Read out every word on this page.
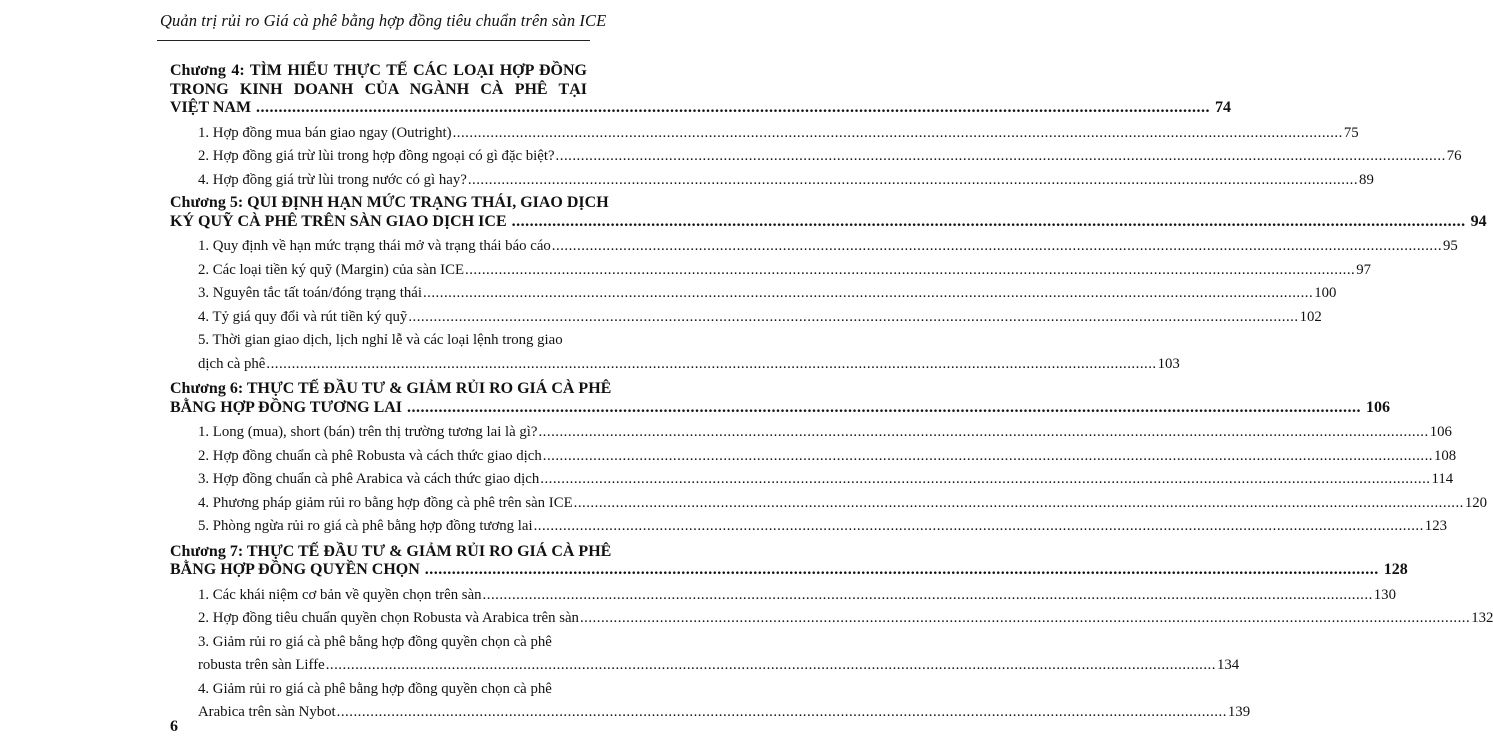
Quản trị rủi ro Giá cà phê bằng hợp đồng tiêu chuẩn trên sàn ICE
Chương 4: TÌM HIỂU THỰC TẾ CÁC LOẠI HỢP ĐỒNG
TRONG KINH DOANH CỦA NGÀNH CÀ PHÊ TẠI
VIỆT NAM .....	74
1. Hợp đồng mua bán giao ngay (Outright) .....	75
2. Hợp đồng giá trừ lùi trong hợp đồng ngoại có gì đặc biệt? .....	76
4. Hợp đồng giá trừ lùi trong nước có gì hay? .....	89
Chương 5: QUI ĐỊNH HẠN MỨC TRẠNG THÁI, GIAO DỊCH
KÝ QUỸ CÀ PHÊ TRÊN SÀN GIAO DỊCH ICE .....	94
1. Quy định về hạn mức trạng thái mở và trạng thái báo cáo .....	95
2. Các loại tiền ký quỹ (Margin) của sàn ICE .....	97
3. Nguyên tắc tất toán/đóng trạng thái .....	100
4. Tỷ giá quy đổi và rút tiền ký quỹ .....	102
5. Thời gian giao dịch, lịch nghỉ lễ và các loại lệnh trong giao
dịch cà phê .....	103
Chương 6: THỰC TẾ ĐẦU TƯ & GIẢM RỦI RO GIÁ CÀ PHÊ
BẰNG HỢP ĐỒNG TƯƠNG LAI .....	106
1. Long (mua), short (bán) trên thị trường tương lai là gì? .....	106
2. Hợp đồng chuẩn cà phê Robusta và cách thức giao dịch .....	108
3. Hợp đồng chuẩn cà phê Arabica và cách thức giao dịch .....	114
4. Phương pháp giảm rủi ro bằng hợp đồng cà phê trên sàn ICE .....	120
5. Phòng ngừa rủi ro giá cà phê bằng hợp đồng tương lai .....	123
Chương 7: THỰC TẾ ĐẦU TƯ & GIẢM RỦI RO GIÁ CÀ PHÊ
BẰNG HỢP ĐỒNG QUYỀN CHỌN .....	128
1. Các khái niệm cơ bản về quyền chọn trên sàn .....	130
2. Hợp đồng tiêu chuẩn quyền chọn Robusta và Arabica trên sàn .....	132
3. Giảm rủi ro giá cà phê bằng hợp đồng quyền chọn cà phê
robusta trên sàn Liffe .....	134
4. Giảm rủi ro giá cà phê bằng hợp đồng quyền chọn cà phê
Arabica trên sàn Nybot .....	139
6
